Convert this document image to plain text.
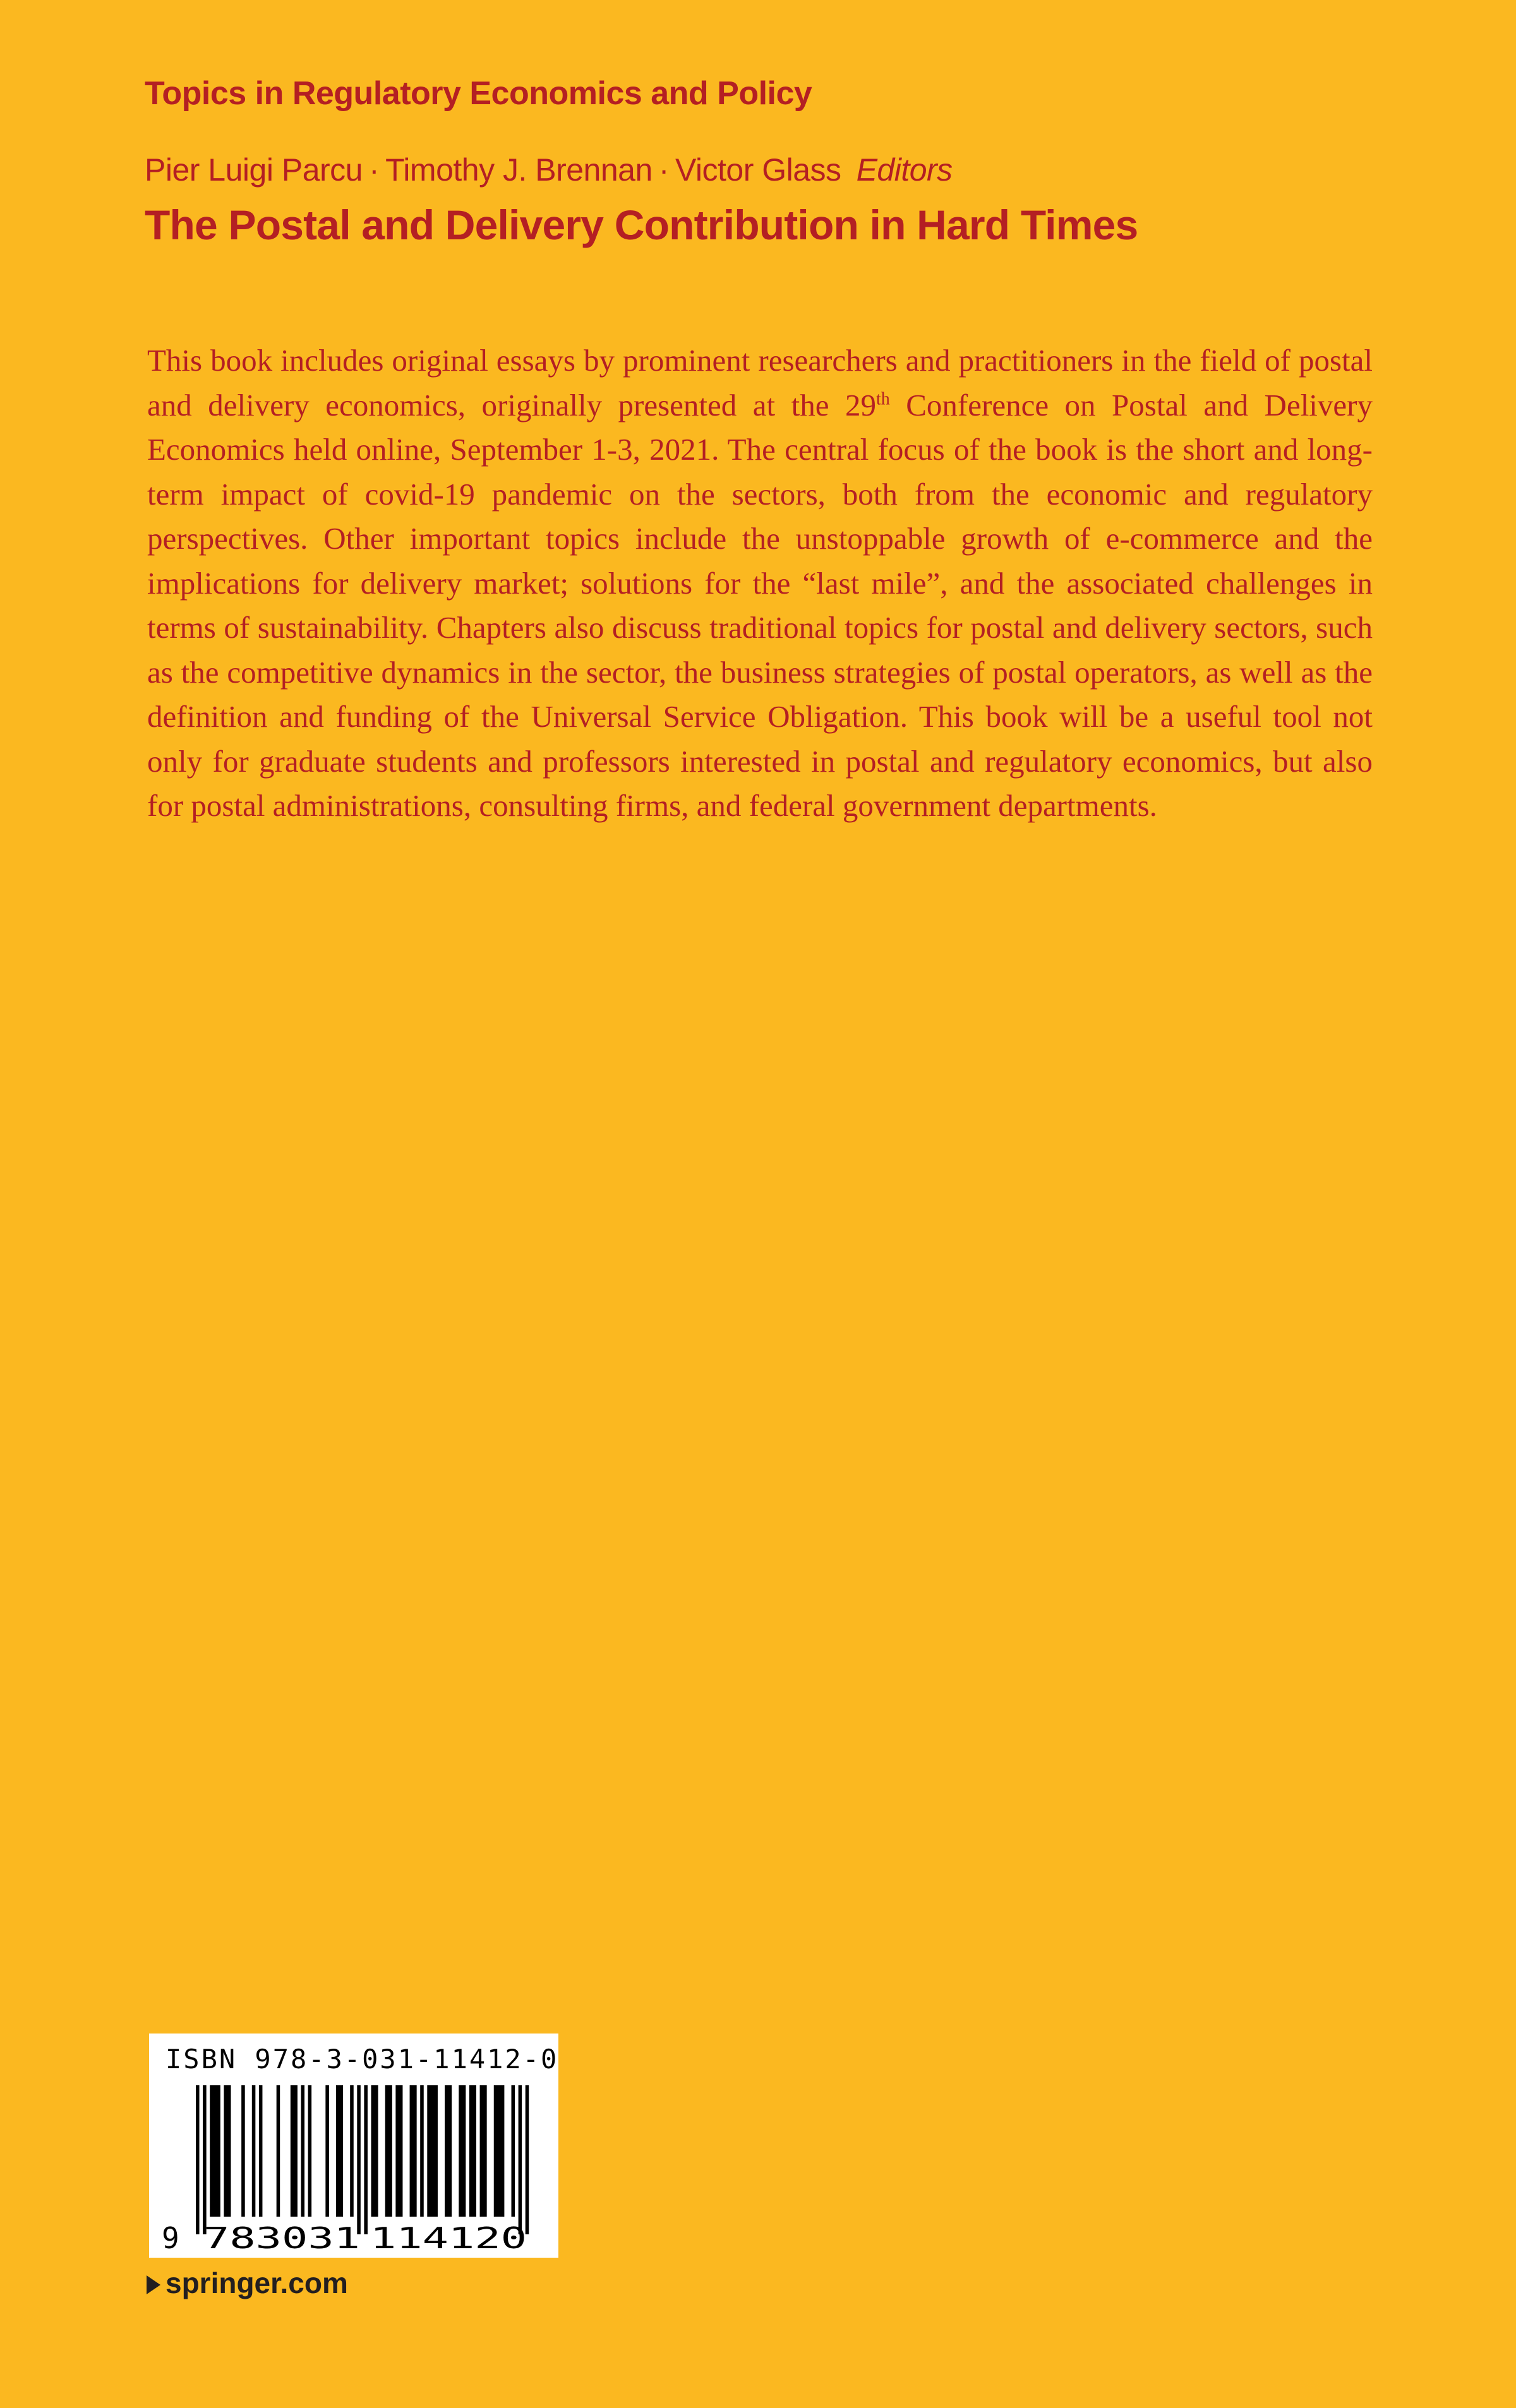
Topics in Regulatory Economics and Policy
Pier Luigi Parcu · Timothy J. Brennan · Victor Glass Editors
The Postal and Delivery Contribution in Hard Times
This book includes original essays by prominent researchers and practitioners in the field of postal and delivery economics, originally presented at the 29th Conference on Postal and Delivery Economics held online, September 1-3, 2021. The central focus of the book is the short and long-term impact of covid-19 pandemic on the sectors, both from the economic and regulatory perspectives. Other important topics include the unstoppable growth of e-commerce and the implications for delivery market; solutions for the “last mile”, and the associated challenges in terms of sustainability. Chapters also discuss traditional topics for postal and delivery sectors, such as the competitive dynamics in the sector, the business strategies of postal operators, as well as the definition and funding of the Universal Service Obligation. This book will be a useful tool not only for graduate students and professors interested in postal and regulatory economics, but also for postal administrations, consulting firms, and federal government departments.
ISBN 978-3-031-11412-0
9 783031 114120
springer.com
